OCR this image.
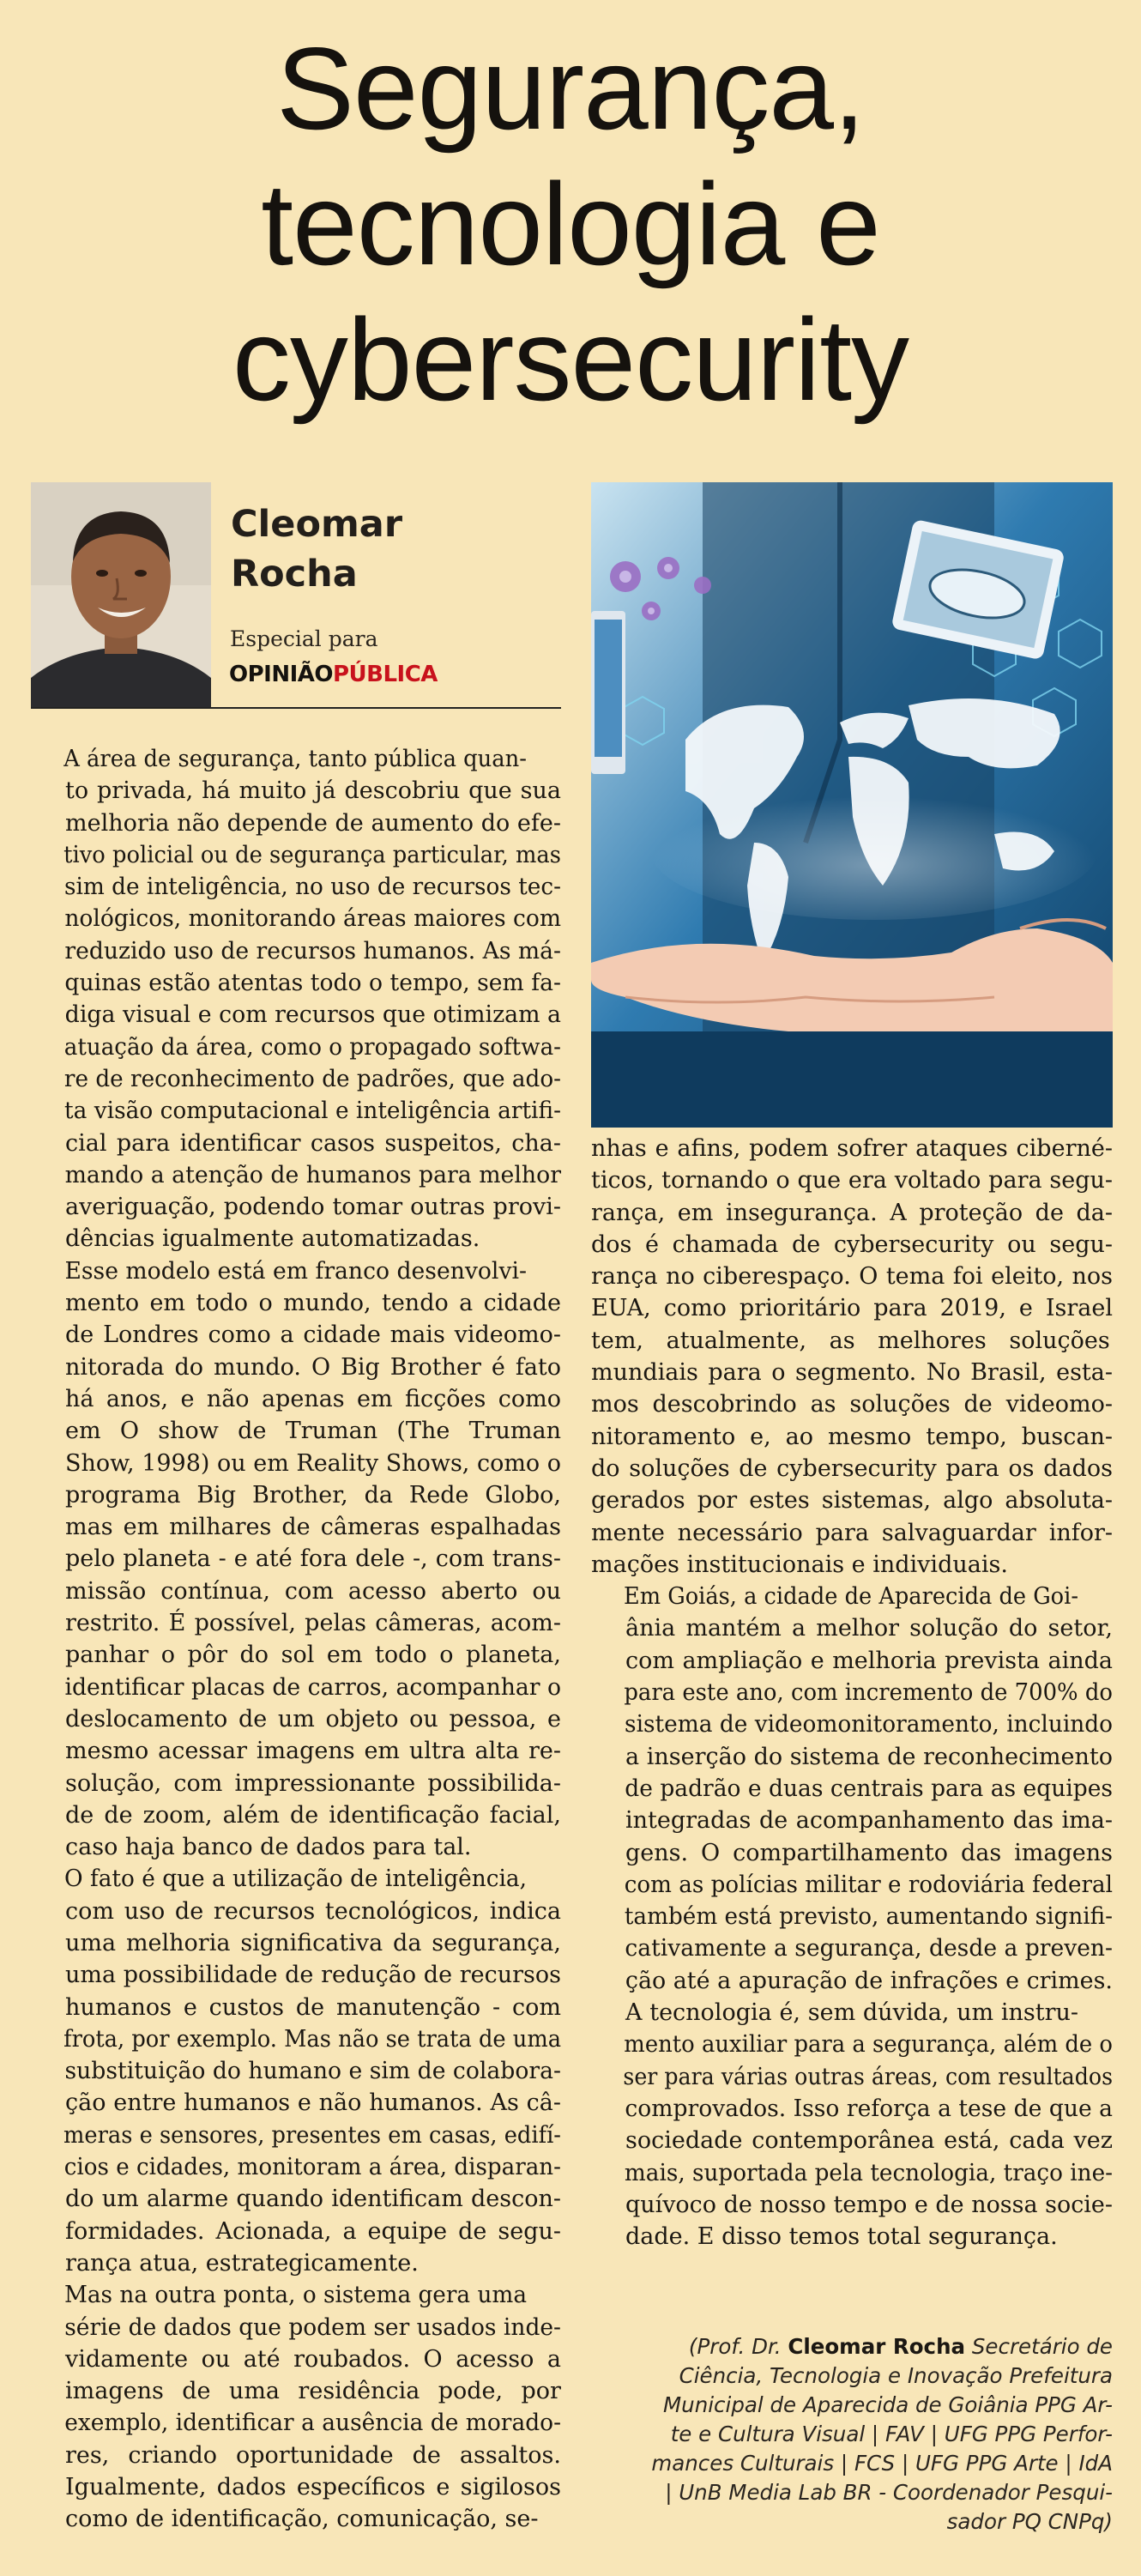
Segurança,
tecnologia e
cybersecurity
Cleomar
Rocha
Especial para
OPINIÃOPÚBLICA
A área de segurança, tanto pública quan-
to privada, há muito já descobriu que sua
melhoria não depende de aumento do efe-
tivo policial ou de segurança particular, mas
sim de inteligência, no uso de recursos tec-
nológicos, monitorando áreas maiores com
reduzido uso de recursos humanos. As má-
quinas estão atentas todo o tempo, sem fa-
diga visual e com recursos que otimizam a
atuação da área, como o propagado softwa-
re de reconhecimento de padrões, que ado-
ta visão computacional e inteligência artifi-
cial para identificar casos suspeitos, cha-
mando a atenção de humanos para melhor
averiguação, podendo tomar outras provi-
dências igualmente automatizadas.
Esse modelo está em franco desenvolvi-
mento em todo o mundo, tendo a cidade
de Londres como a cidade mais videomo-
nitorada do mundo. O Big Brother é fato
há anos, e não apenas em ficções como
em O show de Truman (The Truman
Show, 1998) ou em Reality Shows, como o
programa Big Brother, da Rede Globo,
mas em milhares de câmeras espalhadas
pelo planeta - e até fora dele -, com trans-
missão contínua, com acesso aberto ou
restrito. É possível, pelas câmeras, acom-
panhar o pôr do sol em todo o planeta,
identificar placas de carros, acompanhar o
deslocamento de um objeto ou pessoa, e
mesmo acessar imagens em ultra alta re-
solução, com impressionante possibilida-
de de zoom, além de identificação facial,
caso haja banco de dados para tal.
O fato é que a utilização de inteligência,
com uso de recursos tecnológicos, indica
uma melhoria significativa da segurança,
uma possibilidade de redução de recursos
humanos e custos de manutenção - com
frota, por exemplo. Mas não se trata de uma
substituição do humano e sim de colabora-
ção entre humanos e não humanos. As câ-
meras e sensores, presentes em casas, edifí-
cios e cidades, monitoram a área, disparan-
do um alarme quando identificam descon-
formidades. Acionada, a equipe de segu-
rança atua, estrategicamente.
Mas na outra ponta, o sistema gera uma
série de dados que podem ser usados inde-
vidamente ou até roubados. O acesso a
imagens de uma residência pode, por
exemplo, identificar a ausência de morado-
res, criando oportunidade de assaltos.
Igualmente, dados específicos e sigilosos
como de identificação, comunicação, se-
nhas e afins, podem sofrer ataques ciberné-
ticos, tornando o que era voltado para segu-
rança, em insegurança. A proteção de da-
dos é chamada de cybersecurity ou segu-
rança no ciberespaço. O tema foi eleito, nos
EUA, como prioritário para 2019, e Israel
tem, atualmente, as melhores soluções
mundiais para o segmento. No Brasil, esta-
mos descobrindo as soluções de videomo-
nitoramento e, ao mesmo tempo, buscan-
do soluções de cybersecurity para os dados
gerados por estes sistemas, algo absoluta-
mente necessário para salvaguardar infor-
mações institucionais e individuais.
Em Goiás, a cidade de Aparecida de Goi-
ânia mantém a melhor solução do setor,
com ampliação e melhoria prevista ainda
para este ano, com incremento de 700% do
sistema de videomonitoramento, incluindo
a inserção do sistema de reconhecimento
de padrão e duas centrais para as equipes
integradas de acompanhamento das ima-
gens. O compartilhamento das imagens
com as polícias militar e rodoviária federal
também está previsto, aumentando signifi-
cativamente a segurança, desde a preven-
ção até a apuração de infrações e crimes.
A tecnologia é, sem dúvida, um instru-
mento auxiliar para a segurança, além de o
ser para várias outras áreas, com resultados
comprovados. Isso reforça a tese de que a
sociedade contemporânea está, cada vez
mais, suportada pela tecnologia, traço ine-
quívoco de nosso tempo e de nossa socie-
dade. E disso temos total segurança.
(Prof. Dr. Cleomar Rocha Secretário de
Ciência, Tecnologia e Inovação Prefeitura
Municipal de Aparecida de Goiânia PPG Ar-
te e Cultura Visual | FAV | UFG PPG Perfor-
mances Culturais | FCS | UFG PPG Arte | IdA
| UnB Media Lab BR - Coordenador Pesqui-
sador PQ CNPq)
